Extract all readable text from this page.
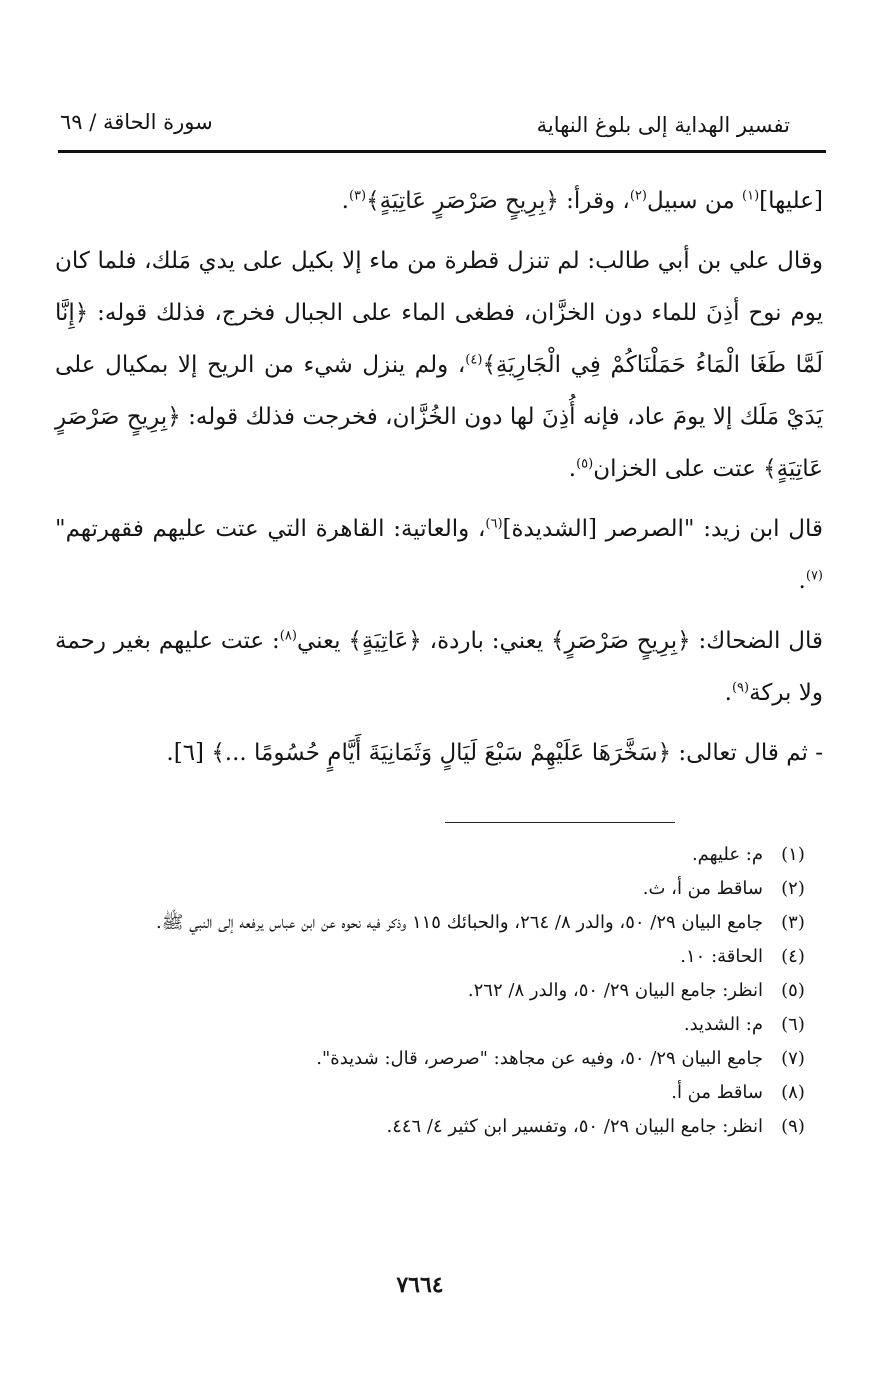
تفسير الهداية إلى بلوغ النهاية
سورة الحاقة / ٦٩

[عليها]$^{(١)}$ من سبيل$^{(٢)}$، وقرأ: ﴿بِرِيحٍ صَرْصَرٍ عَاتِيَةٍ﴾$^{(٣)}$.

وقال علي بن أبي طالب: لم تنزل قطرة من ماء إلا بكيل على يدي مَلك، فلما كان يوم نوح أذِنَ للماء دون الخزَّان، فطغى الماء على الجبال فخرج، فذلك قوله: ﴿إِنَّا لَمَّا طَغَا الْمَاءُ حَمَلْنَاكُمْ فِي الْجَارِيَةِ﴾$^{(٤)}$، ولم ينزل شيء من الريح إلا بمكيال على يَدَيْ مَلَك إلا يومَ عاد، فإنه أُذِنَ لها دون الخُزَّان، فخرجت فذلك قوله: ﴿بِرِيحٍ صَرْصَرٍ عَاتِيَةٍ﴾ عتت على الخزان$^{(٥)}$.

قال ابن زيد: "الصرصر [الشديدة]$^{(٦)}$، والعاتية: القاهرة التي عتت عليهم فقهرتهم"$^{(٧)}$.

قال الضحاك: ﴿بِرِيحٍ صَرْصَرٍ﴾ يعني: باردة، ﴿عَاتِيَةٍ﴾ يعني$^{(٨)}$: عتت عليهم بغير رحمة ولا بركة$^{(٩)}$.

- ثم قال تعالى: ﴿سَخَّرَهَا عَلَيْهِمْ سَبْعَ لَيَالٍ وَثَمَانِيَةَ أَيَّامٍ حُسُومًا ...﴾ [٦].

(١)
م: عليهم.
(٢)
ساقط من أ، ث.
(٣)
جامع البيان ٢٩/ ٥٠، والدر ٨/ ٢٦٤، والحبائك ١١٥ وذكر فيه نحوه عن ابن عباس يرفعه إلى النبي ﷺ.
(٤)
الحاقة: ١٠.
(٥)
انظر: جامع البيان ٢٩/ ٥٠، والدر ٨/ ٢٦٢.
(٦)
م: الشديد.
(٧)
جامع البيان ٢٩/ ٥٠، وفيه عن مجاهد: "صرصر، قال: شديدة".
(٨)
ساقط من أ.
(٩)
انظر: جامع البيان ٢٩/ ٥٠، وتفسير ابن كثير ٤/ ٤٤٦.
٧٦٦٤
